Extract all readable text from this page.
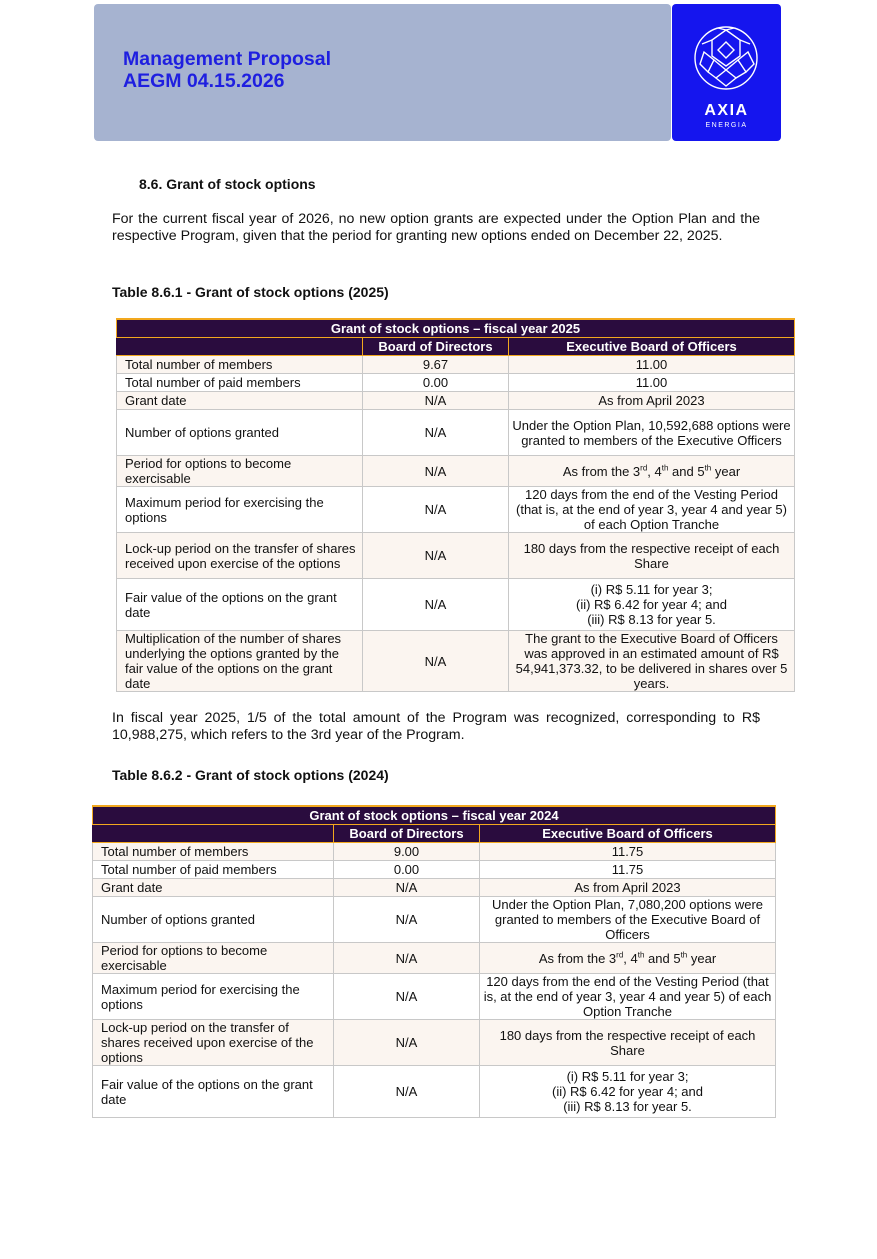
Management Proposal
AEGM 04.15.2026
AXIA
ENERGIA
8.6. Grant of stock options
For the current fiscal year of 2026, no new option grants are expected under the Option Plan and the respective Program, given that the period for granting new options ended on December 22, 2025.
Table 8.6.1 - Grant of stock options (2025)
Grant of stock options – fiscal year 2025		
	Board of Directors	Executive Board of Officers
Total number of members	9.67	11.00
Total number of paid members	0.00	11.00
Grant date	N/A	As from April 2023
Number of options granted	N/A	Under the Option Plan, 10,592,688 options were granted to members of the Executive Officers
Period for options to become exercisable	N/A	As from the 3rd, 4th and 5th year
Maximum period for exercising the options	N/A	120 days from the end of the Vesting Period (that is, at the end of year 3, year 4 and year 5) of each Option Tranche
Lock-up period on the transfer of shares received upon exercise of the options	N/A	180 days from the respective receipt of each Share
Fair value of the options on the grant date	N/A	(i) R$ 5.11 for year 3;
(ii) R$ 6.42 for year 4; and
(iii) R$ 8.13 for year 5.

Multiplication of the number of shares underlying the options granted by the fair value of the options on the grant date	N/A	The grant to the Executive Board of Officers was approved in an estimated amount of R$ 54,941,373.32, to be delivered in shares over 5 years.
In fiscal year 2025, 1/5 of the total amount of the Program was recognized, corresponding to R$ 10,988,275, which refers to the 3rd year of the Program.
Table 8.6.2 - Grant of stock options (2024)
Grant of stock options – fiscal year 2024		
	Board of Directors	Executive Board of Officers
Total number of members	9.00	11.75
Total number of paid members	0.00	11.75
Grant date	N/A	As from April 2023
Number of options granted	N/A	Under the Option Plan, 7,080,200 options were granted to members of the Executive Board of Officers
Period for options to become exercisable	N/A	As from the 3rd, 4th and 5th year
Maximum period for exercising the options	N/A	120 days from the end of the Vesting Period (that is, at the end of year 3, year 4 and year 5) of each Option Tranche
Lock-up period on the transfer of shares received upon exercise of the options	N/A	180 days from the respective receipt of each Share
Fair value of the options on the grant date	N/A	(i) R$ 5.11 for year 3;
(ii) R$ 6.42 for year 4; and
(iii) R$ 8.13 for year 5.
